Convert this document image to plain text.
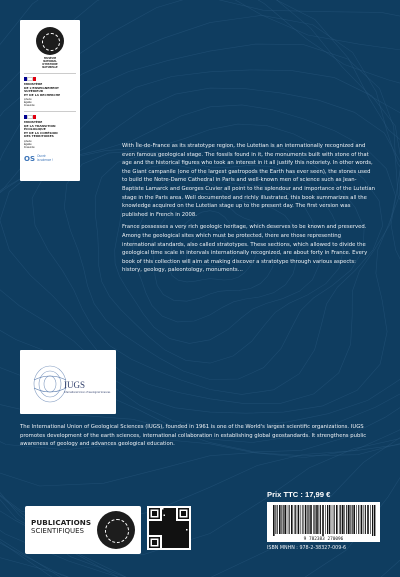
MUSÉUM
NATIONAL
D'HISTOIRE
NATURELLE
MINISTÈRE
DE L'ENSEIGNEMENT
SUPÉRIEUR
ET DE LA RECHERCHE
Liberté
Égalité
Fraternité
MINISTÈRE
DE LA TRANSITION
ÉCOLOGIQUE
ET DE LA COHÉSION
DES TERRITOIRES
Liberté
Égalité
Fraternité
OS Ouvrir
la science !

With Île-de-France as its stratotype region, the Lutetian is an internationally recognized and even famous geological stage. The fossils found in it, the monuments built with stone of that age and the historical figures who took an interest in it all justify this notoriety. In other words, the Giant campanile (one of the largest gastropods the Earth has ever seen), the stones used to build the Notre-Dame Cathedral in Paris and well-known men of science such as Jean-Baptiste Lamarck and Georges Cuvier all point to the splendour and importance of the Lutetian stage in the Paris area. Well documented and richly illustrated, this book summarizes all the knowledge acquired on the Lutetian stage up to the present day. The first version was published in French in 2008.

France possesses a very rich geologic heritage, which deserves to be known and preserved. Among the geological sites which must be protected, there are those representing international standards, also called stratotypes. These sections, which allowed to divide the geological time scale in intervals internationally recognized, are about forty in France. Every book of this collection will aim at making discover a stratotype through various aspects: history, geology, paleontology, monuments…

IUGS
International Union of Geological Sciences
The International Union of Geological Sciences (IUGS), founded in 1961 is one of the World's largest scientific organizations. IUGS promotes development of the earth sciences, international collaboration in establishing global geostandards. It strengthens public awareness of geology and advances geological education.
Prix TTC : 17,99 €
9 782383 270096
ISBN MNHN : 978-2-38327-009-6
PUBLICATIONS
SCIENTIFIQUES
